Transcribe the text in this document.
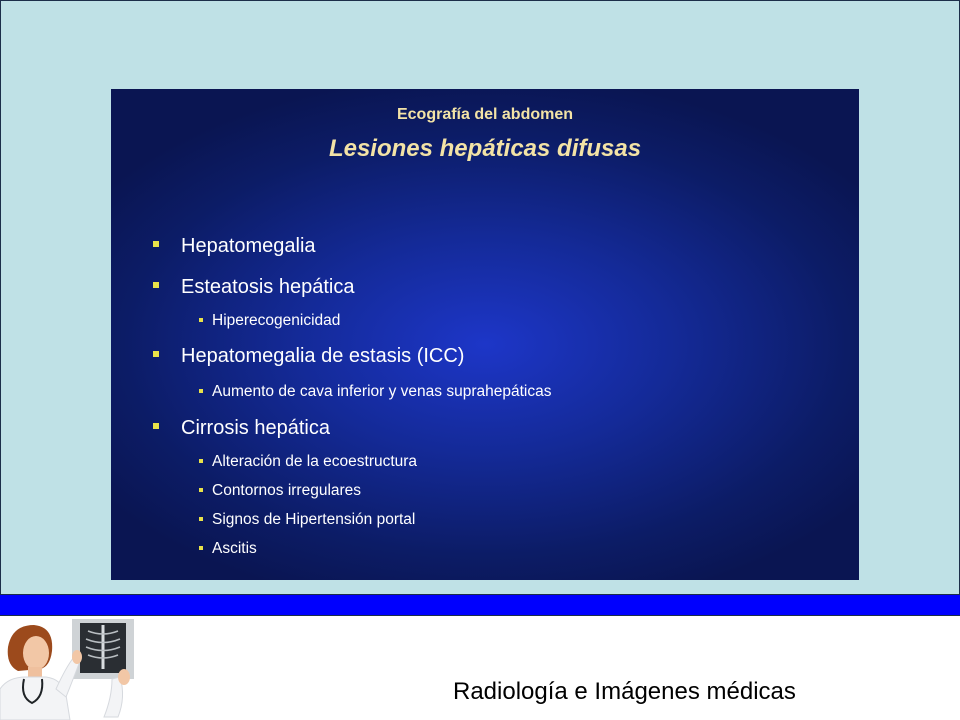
Ecografía del abdomen
Lesiones hepáticas difusas
Hepatomegalia
Esteatosis hepática
Hiperecogenicidad
Hepatomegalia de estasis (ICC)
Aumento de cava inferior y venas suprahepáticas
Cirrosis hepática
Alteración de la ecoestructura
Contornos irregulares
Signos de Hipertensión portal
Ascitis
Radiología e Imágenes médicas
